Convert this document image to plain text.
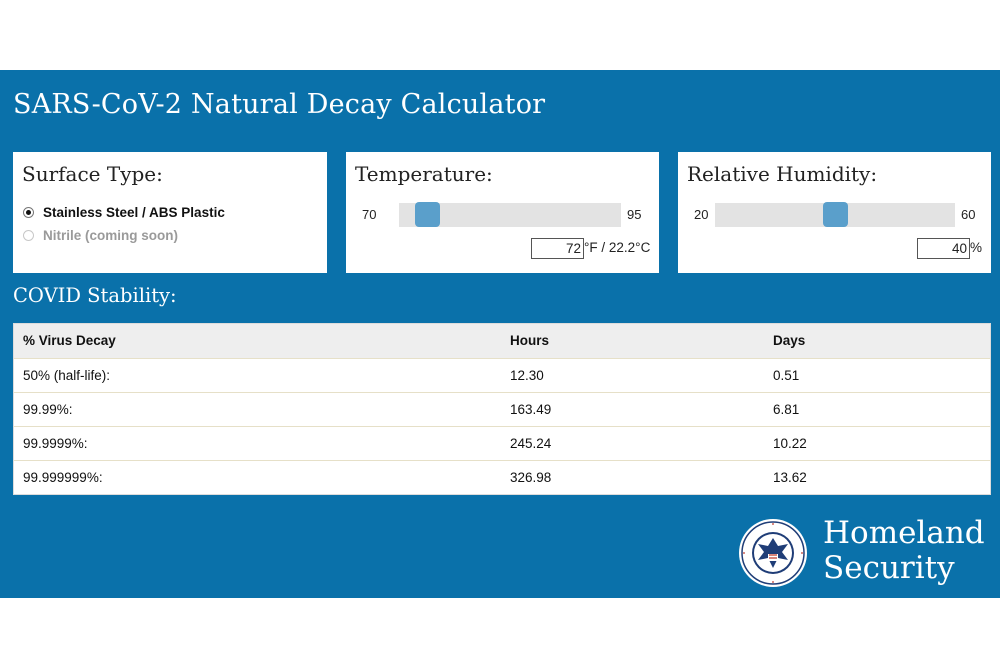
SARS-CoV-2 Natural Decay Calculator
Surface Type:
Stainless Steel / ABS Plastic
Nitrile (coming soon)
Temperature:
70	95
72 °F / 22.2°C
Relative Humidity:
20	60
40 %
COVID Stability:
% Virus Decay	Hours	Days
50% (half-life):	12.30	0.51
99.99%:	163.49	6.81
99.9999%:	245.24	10.22
99.999999%:	326.98	13.62
Homeland
Security
